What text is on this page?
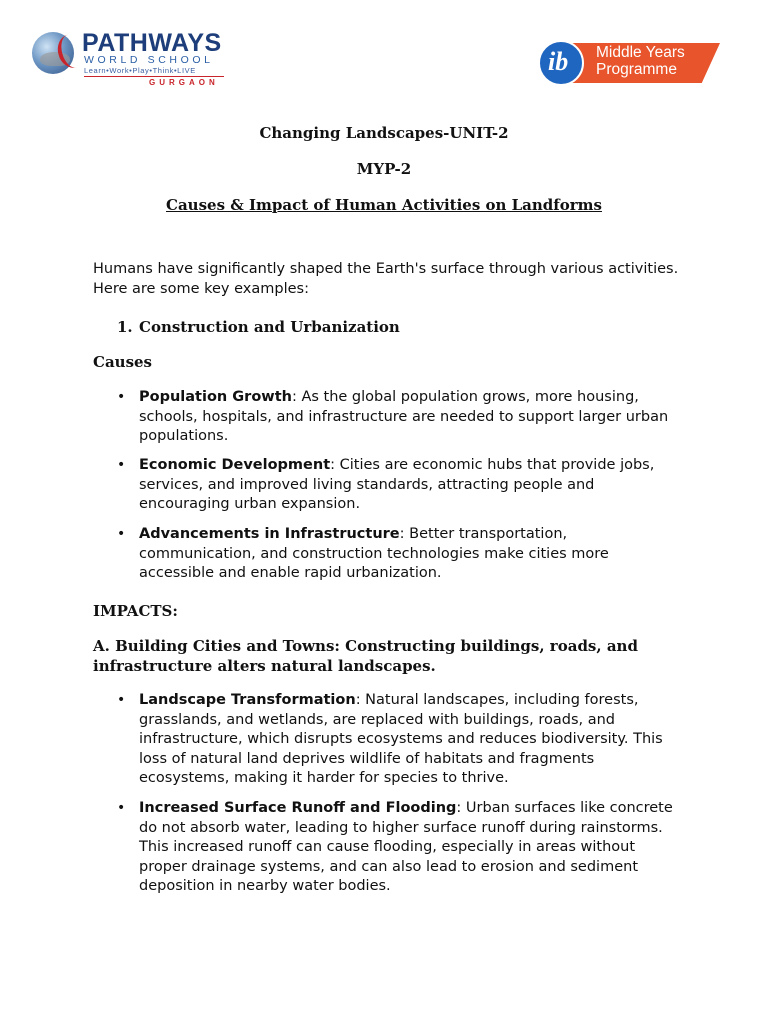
PATHWAYS
WORLD SCHOOL
Learn•Work•Play•Think•LIVE
GURGAON
ib Middle Years
Programme
Changing Landscapes-UNIT-2
MYP-2
Causes & Impact of Human Activities on Landforms
Humans have significantly shaped the Earth's surface through various activities. Here are some key examples:
1. Construction and Urbanization
Causes
• Population Growth: As the global population grows, more housing, schools, hospitals, and infrastructure are needed to support larger urban populations.
• Economic Development: Cities are economic hubs that provide jobs, services, and improved living standards, attracting people and encouraging urban expansion.
• Advancements in Infrastructure: Better transportation, communication, and construction technologies make cities more accessible and enable rapid urbanization.
IMPACTS:
A. Building Cities and Towns: Constructing buildings, roads, and infrastructure alters natural landscapes.
• Landscape Transformation: Natural landscapes, including forests, grasslands, and wetlands, are replaced with buildings, roads, and infrastructure, which disrupts ecosystems and reduces biodiversity. This loss of natural land deprives wildlife of habitats and fragments ecosystems, making it harder for species to thrive.
• Increased Surface Runoff and Flooding: Urban surfaces like concrete do not absorb water, leading to higher surface runoff during rainstorms. This increased runoff can cause flooding, especially in areas without proper drainage systems, and can also lead to erosion and sediment deposition in nearby water bodies.
